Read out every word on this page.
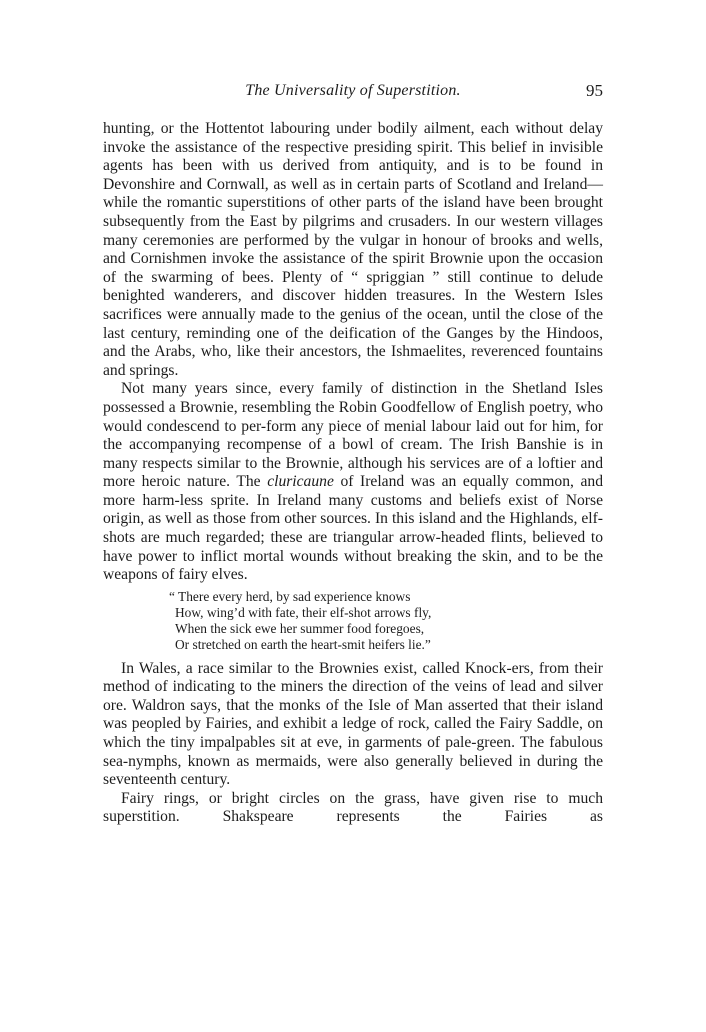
The Universality of Superstition.	95

hunting, or the Hottentot labouring under bodily ailment, each without delay invoke the assistance of the respective presiding spirit. This belief in invisible agents has been with us derived from antiquity, and is to be found in Devonshire and Cornwall, as well as in certain parts of Scotland and Ireland—while the romantic superstitions of other parts of the island have been brought subsequently from the East by pilgrims and crusaders. In our western villages many ceremonies are performed by the vulgar in honour of brooks and wells, and Cornishmen invoke the assistance of the spirit Brownie upon the occasion of the swarming of bees. Plenty of “ spriggian ” still continue to delude benighted wanderers, and discover hidden treasures. In the Western Isles sacrifices were annually made to the genius of the ocean, until the close of the last century, reminding one of the deification of the Ganges by the Hindoos, and the Arabs, who, like their ancestors, the Ishmaelites, reverenced fountains and springs.

Not many years since, every family of distinction in the Shetland Isles possessed a Brownie, resembling the Robin Goodfellow of English poetry, who would condescend to per-form any piece of menial labour laid out for him, for the accompanying recompense of a bowl of cream. The Irish Banshie is in many respects similar to the Brownie, although his services are of a loftier and more heroic nature. The cluricaune of Ireland was an equally common, and more harm-less sprite. In Ireland many customs and beliefs exist of Norse origin, as well as those from other sources. In this island and the Highlands, elf-shots are much regarded; these are triangular arrow-headed flints, believed to have power to inflict mortal wounds without breaking the skin, and to be the weapons of fairy elves.

“ There every herd, by sad experience knows
How, wing’d with fate, their elf-shot arrows fly,
When the sick ewe her summer food foregoes,
Or stretched on earth the heart-smit heifers lie.”

In Wales, a race similar to the Brownies exist, called Knock-ers, from their method of indicating to the miners the direction of the veins of lead and silver ore. Waldron says, that the monks of the Isle of Man asserted that their island was peopled by Fairies, and exhibit a ledge of rock, called the Fairy Saddle, on which the tiny impalpables sit at eve, in garments of pale-green. The fabulous sea-nymphs, known as mermaids, were also generally believed in during the seventeenth century.

Fairy rings, or bright circles on the grass, have given rise to much superstition. Shakspeare represents the Fairies as
